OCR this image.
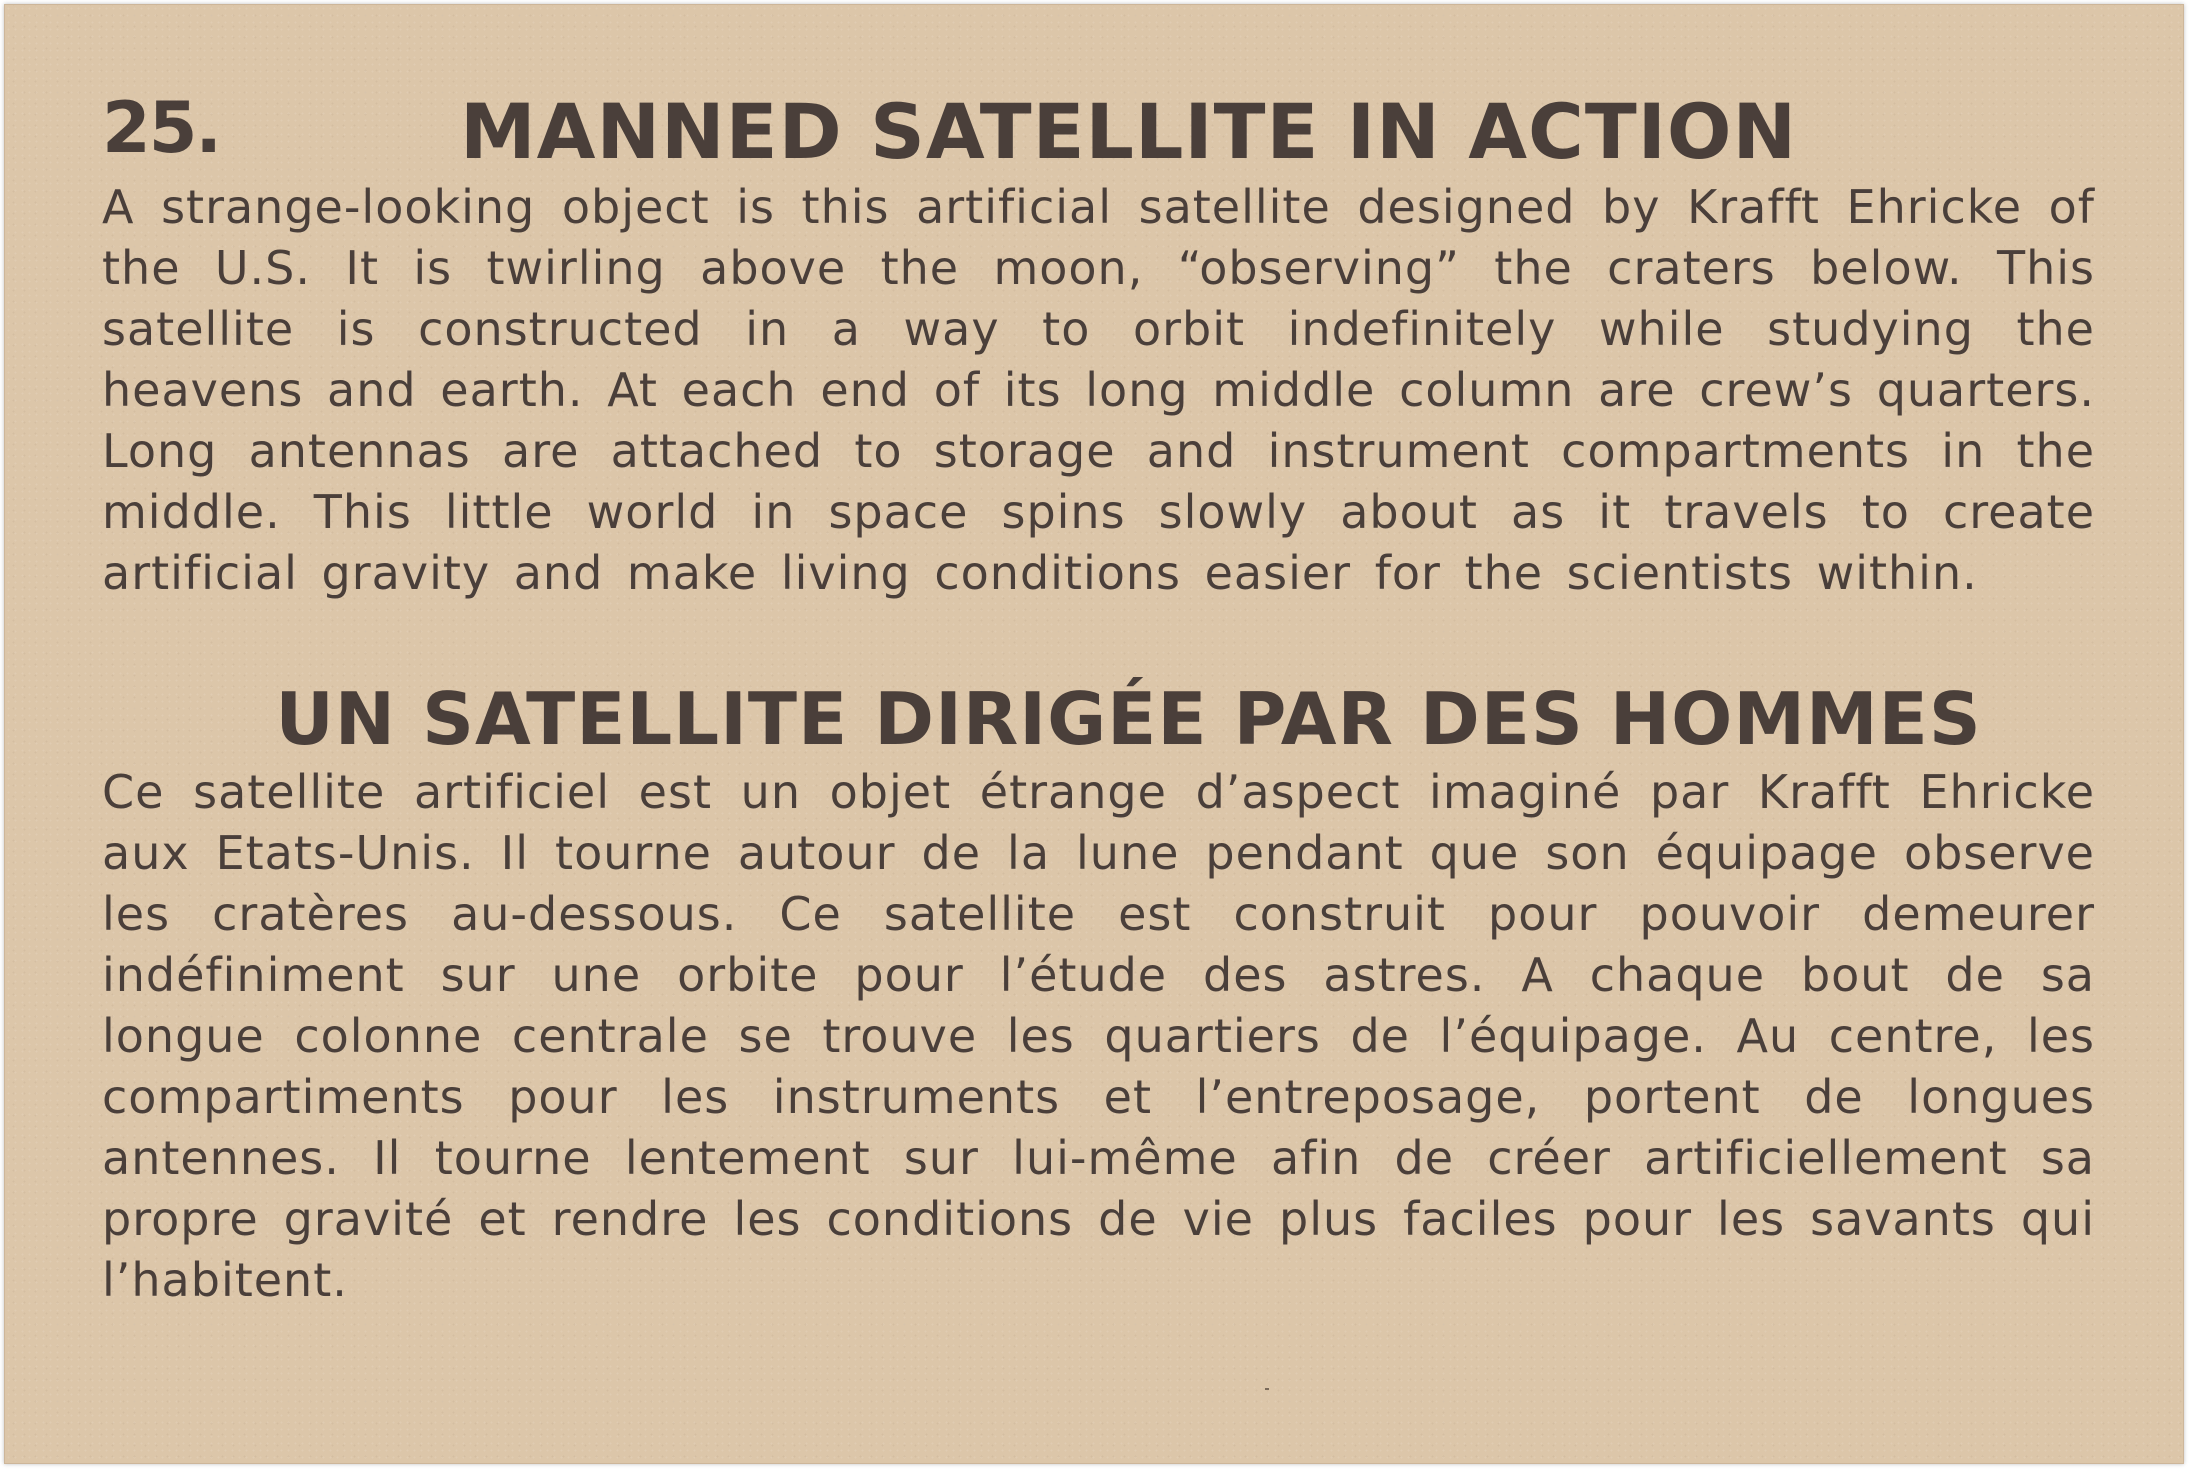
25.	MANNED SATELLITE IN ACTION

A strange-looking object is this artificial satellite designed by Krafft Ehricke of the U.S. It is twirling above the moon, “observing” the craters below. This satellite is constructed in a way to orbit indefinitely while studying the heavens and earth. At each end of its long middle column are crew’s quarters. Long antennas are attached to storage and instrument compartments in the middle. This little world in space spins slowly about as it travels to create artificial gravity and make living conditions easier for the scientists within.

UN SATELLITE DIRIGÉE PAR DES HOMMES

Ce satellite artificiel est un objet étrange d’aspect imaginé par Krafft Ehricke aux Etats-Unis. Il tourne autour de la lune pendant que son équipage observe les cratères au-dessous. Ce satellite est construit pour pouvoir demeurer indéfiniment sur une orbite pour l’étude des astres. A chaque bout de sa longue colonne centrale se trouve les quartiers de l’équipage. Au centre, les compartiments pour les instruments et l’entreposage, portent de longues antennes. Il tourne lentement sur lui-même afin de créer artificiellement sa propre gravité et rendre les conditions de vie plus faciles pour les savants qui l’habitent.
